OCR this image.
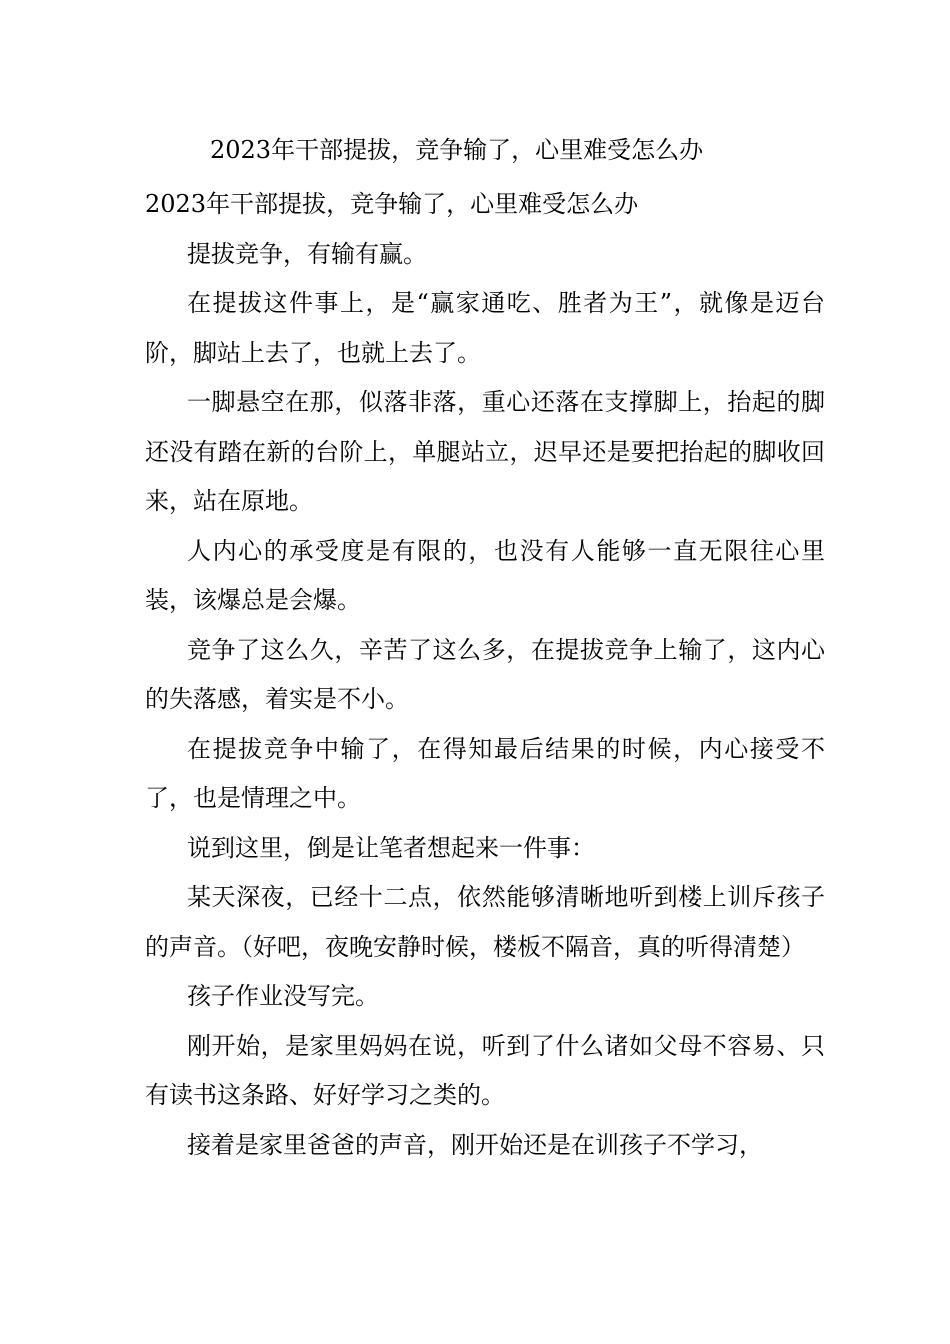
2023年干部提拔，竞争输了，心里难受怎么办

2023年干部提拔，竞争输了，心里难受怎么办

提拔竞争，有输有赢。

在提拔这件事上，是“赢家通吃、胜者为王”，就像是迈台阶，脚站上去了，也就上去了。

一脚悬空在那，似落非落，重心还落在支撑脚上，抬起的脚还没有踏在新的台阶上，单腿站立，迟早还是要把抬起的脚收回来，站在原地。

人内心的承受度是有限的，也没有人能够一直无限往心里装，该爆总是会爆。

竞争了这么久，辛苦了这么多，在提拔竞争上输了，这内心的失落感，着实是不小。

在提拔竞争中输了，在得知最后结果的时候，内心接受不了，也是情理之中。

说到这里，倒是让笔者想起来一件事：

某天深夜，已经十二点，依然能够清晰地听到楼上训斥孩子的声音。（好吧，夜晚安静时候，楼板不隔音，真的听得清楚）

孩子作业没写完。

刚开始，是家里妈妈在说，听到了什么诸如父母不容易、只有读书这条路、好好学习之类的。

接着是家里爸爸的声音，刚开始还是在训孩子不学习，
